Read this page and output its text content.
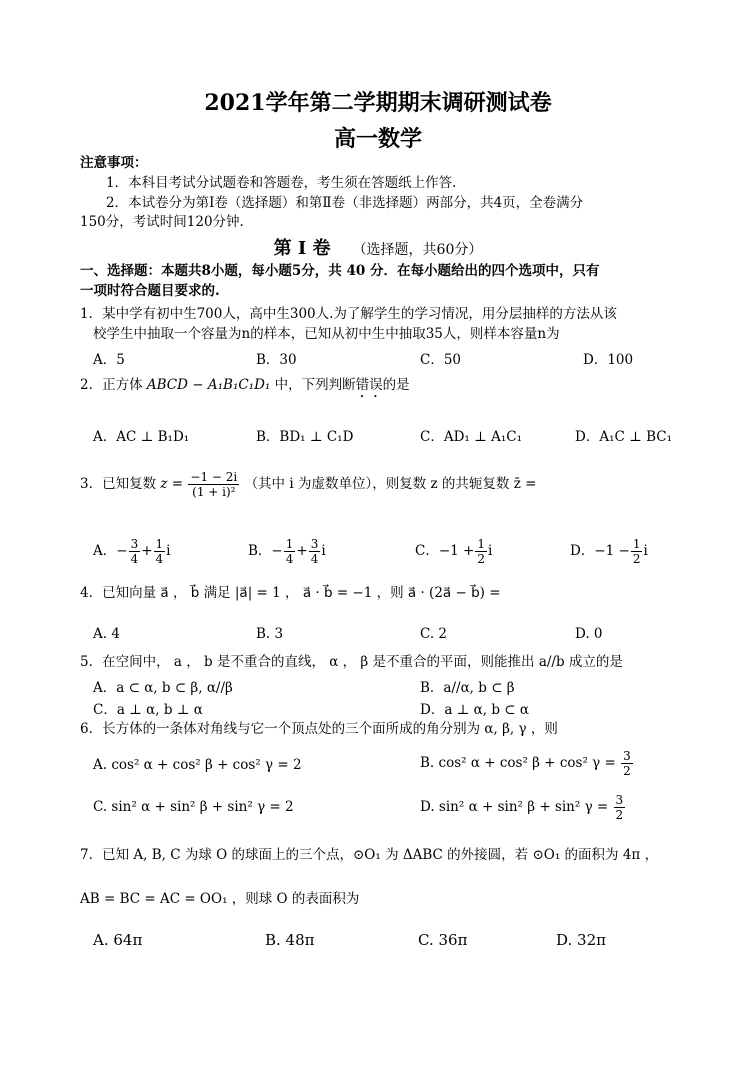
2021学年第二学期期末调研测试卷
高一数学
注意事项：
1．本科目考试分试题卷和答题卷，考生须在答题纸上作答.
2．本试卷分为第Ⅰ卷（选择题）和第Ⅱ卷（非选择题）两部分，共4页，全卷满分
150分，考试时间120分钟.
第 Ⅰ 卷 （选择题，共60分）
一、选择题：本题共8小题，每小题5分，共 40 分．在每小题给出的四个选项中，只有
一项时符合题目要求的.
1．某中学有初中生700人，高中生300人.为了解学生的学习情况，用分层抽样的方法从该
校学生中抽取一个容量为n的样本，已知从初中生中抽取35人，则样本容量n为
A．5	B．30	C．50	D．100
2．正方体 ABCD − A₁B₁C₁D₁ 中，下列判断错误的是
A．AC ⊥ B₁D₁	B．BD₁ ⊥ C₁D	C．AD₁ ⊥ A₁C₁	D．A₁C ⊥ BC₁
3．已知复数 $z = \frac{-1 - 2i}{\text{(1 + i)²}}$ （其中 i 为虚数单位），则复数 z 的共轭复数 z̄ =
A．− $\frac{3}{4} + \frac{1}{4}$ i	B．− $\frac{1}{4} + \frac{3}{4}$ i	C．$-1 + \frac{1}{2}$ i	D．$-1 - \frac{1}{2}$ i
4．已知向量 a⃗ ， b⃗ 满足 |a⃗| = 1 ， a⃗ · b⃗ = −1 ，则 a⃗ · (2a⃗ − b⃗) =
A. 4	B. 3	C. 2	D. 0
5．在空间中， a ， b 是不重合的直线， α ， β 是不重合的平面，则能推出 a//b 成立的是
A．a ⊂ α, b ⊂ β, α//β	B．a//α, b ⊂ β
C．a ⊥ α, b ⊥ α	D．a ⊥ α, b ⊂ α
6．长方体的一条体对角线与它一个顶点处的三个面所成的角分别为 α, β, γ ，则
A. cos² α + cos² β + cos² γ = 2	B. cos² α + cos² β + cos² $\gamma = \frac{3}{2}$
C. sin² α + sin² β + sin² γ = 2	D. sin² α + sin² β + sin² $\gamma = \frac{3}{2}$
7．已知 A, B, C 为球 O 的球面上的三个点，⊙O₁ 为 ΔABC 的外接圆，若 ⊙O₁ 的面积为 4π ，
AB = BC = AC = OO₁ ，则球 O 的表面积为
A. 64π	B. 48π	C. 36π	D. 32π
